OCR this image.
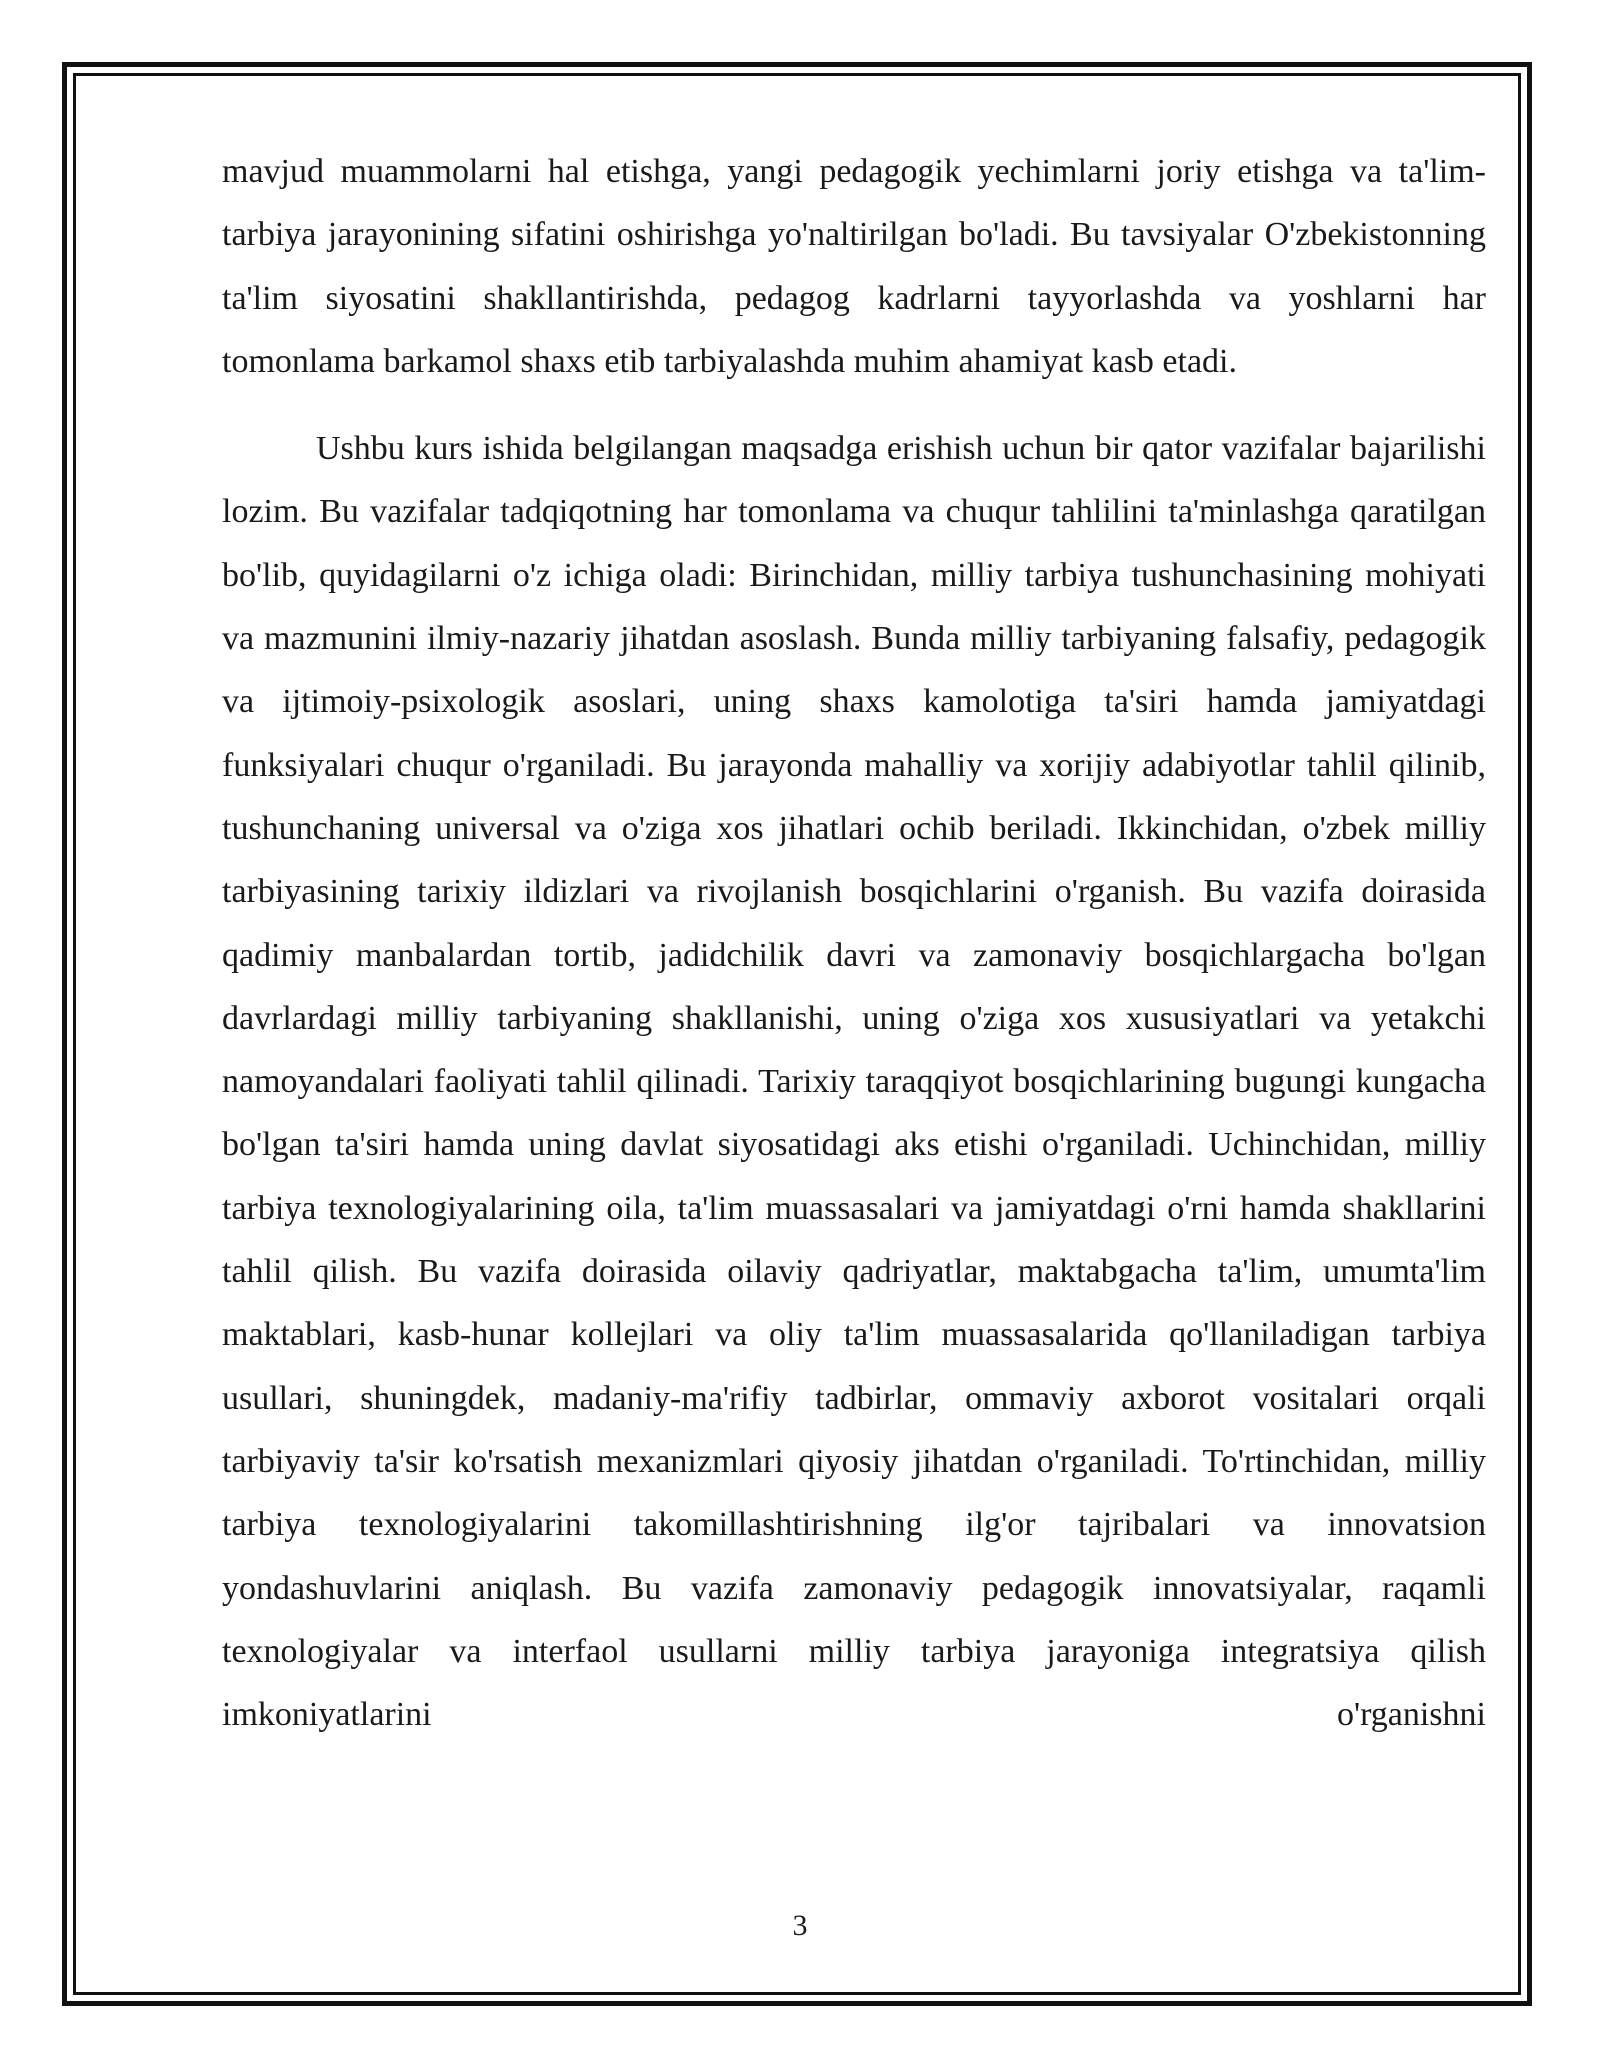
mavjud muammolarni hal etishga, yangi pedagogik yechimlarni joriy etishga va ta'lim-tarbiya jarayonining sifatini oshirishga yo'naltirilgan bo'ladi. Bu tavsiyalar O'zbekistonning ta'lim siyosatini shakllantirishda, pedagog kadrlarni tayyorlashda va yoshlarni har tomonlama barkamol shaxs etib tarbiyalashda muhim ahamiyat kasb etadi.

Ushbu kurs ishida belgilangan maqsadga erishish uchun bir qator vazifalar bajarilishi lozim. Bu vazifalar tadqiqotning har tomonlama va chuqur tahlilini ta'minlashga qaratilgan bo'lib, quyidagilarni o'z ichiga oladi: Birinchidan, milliy tarbiya tushunchasining mohiyati va mazmunini ilmiy-nazariy jihatdan asoslash. Bunda milliy tarbiyaning falsafiy, pedagogik va ijtimoiy-psixologik asoslari, uning shaxs kamolotiga ta'siri hamda jamiyatdagi funksiyalari chuqur o'rganiladi. Bu jarayonda mahalliy va xorijiy adabiyotlar tahlil qilinib, tushunchaning universal va o'ziga xos jihatlari ochib beriladi. Ikkinchidan, o'zbek milliy tarbiyasining tarixiy ildizlari va rivojlanish bosqichlarini o'rganish. Bu vazifa doirasida qadimiy manbalardan tortib, jadidchilik davri va zamonaviy bosqichlargacha bo'lgan davrlardagi milliy tarbiyaning shakllanishi, uning o'ziga xos xususiyatlari va yetakchi namoyandalari faoliyati tahlil qilinadi. Tarixiy taraqqiyot bosqichlarining bugungi kungacha bo'lgan ta'siri hamda uning davlat siyosatidagi aks etishi o'rganiladi. Uchinchidan, milliy tarbiya texnologiyalarining oila, ta'lim muassasalari va jamiyatdagi o'rni hamda shakllarini tahlil qilish. Bu vazifa doirasida oilaviy qadriyatlar, maktabgacha ta'lim, umumta'lim maktablari, kasb-hunar kollejlari va oliy ta'lim muassasalarida qo'llaniladigan tarbiya usullari, shuningdek, madaniy-ma'rifiy tadbirlar, ommaviy axborot vositalari orqali tarbiyaviy ta'sir ko'rsatish mexanizmlari qiyosiy jihatdan o'rganiladi. To'rtinchidan, milliy tarbiya texnologiyalarini takomillashtirishning ilg'or tajribalari va innovatsion yondashuvlarini aniqlash. Bu vazifa zamonaviy pedagogik innovatsiyalar, raqamli texnologiyalar va interfaol usullarni milliy tarbiya jarayoniga integratsiya qilish imkoniyatlarini o'rganishni

3
